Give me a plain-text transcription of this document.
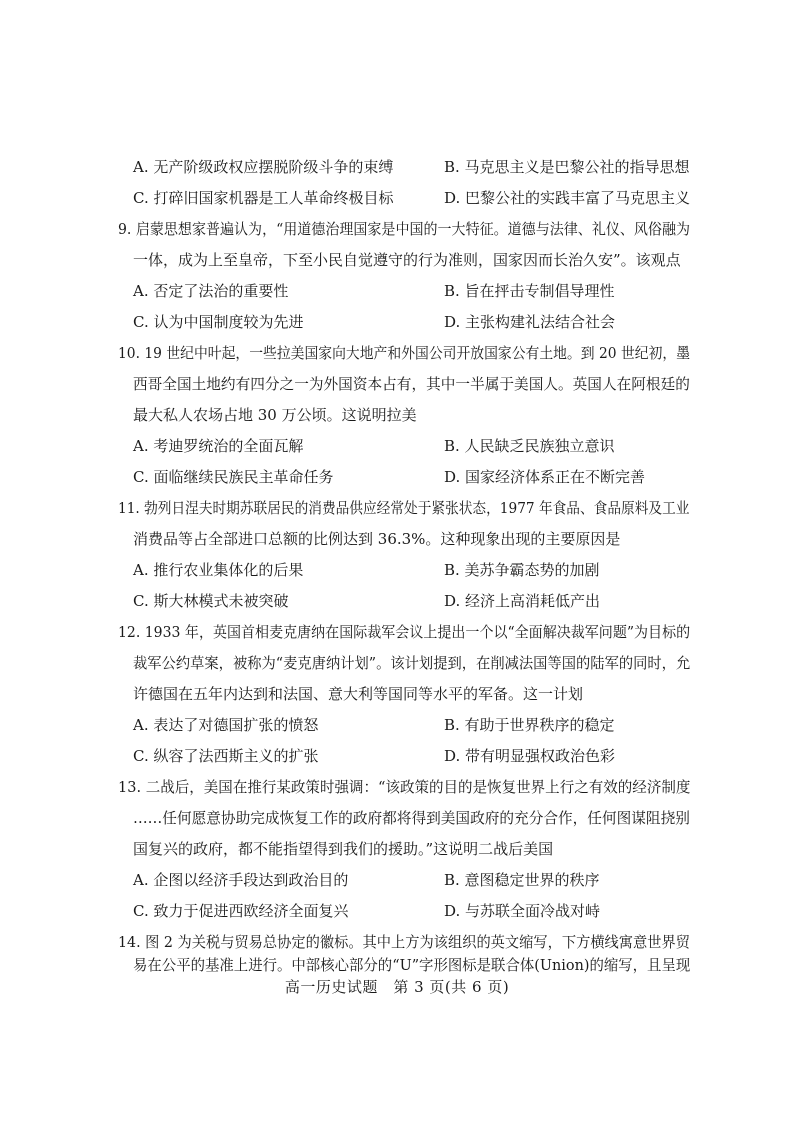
A. 无产阶级政权应摆脱阶级斗争的束缚	B. 马克思主义是巴黎公社的指导思想
C. 打碎旧国家机器是工人革命终极目标	D. 巴黎公社的实践丰富了马克思主义
9. 启蒙思想家普遍认为，“用道德治理国家是中国的一大特征。道德与法律、礼仪、风俗融为
一体，成为上至皇帝，下至小民自觉遵守的行为准则，国家因而长治久安”。该观点
A. 否定了法治的重要性	B. 旨在抨击专制倡导理性
C. 认为中国制度较为先进	D. 主张构建礼法结合社会
10. 19 世纪中叶起，一些拉美国家向大地产和外国公司开放国家公有土地。到 20 世纪初，墨
西哥全国土地约有四分之一为外国资本占有，其中一半属于美国人。英国人在阿根廷的
最大私人农场占地 30 万公顷。这说明拉美
A. 考迪罗统治的全面瓦解	B. 人民缺乏民族独立意识
C. 面临继续民族民主革命任务	D. 国家经济体系正在不断完善
11. 勃列日涅夫时期苏联居民的消费品供应经常处于紧张状态，1977 年食品、食品原料及工业
消费品等占全部进口总额的比例达到 36.3%。这种现象出现的主要原因是
A. 推行农业集体化的后果	B. 美苏争霸态势的加剧
C. 斯大林模式未被突破	D. 经济上高消耗低产出
12. 1933 年，英国首相麦克唐纳在国际裁军会议上提出一个以“全面解决裁军问题”为目标的
裁军公约草案，被称为“麦克唐纳计划”。该计划提到，在削减法国等国的陆军的同时，允
许德国在五年内达到和法国、意大利等国同等水平的军备。这一计划
A. 表达了对德国扩张的愤怒	B. 有助于世界秩序的稳定
C. 纵容了法西斯主义的扩张	D. 带有明显强权政治色彩
13. 二战后，美国在推行某政策时强调：“该政策的目的是恢复世界上行之有效的经济制度
……任何愿意协助完成恢复工作的政府都将得到美国政府的充分合作，任何图谋阻挠别
国复兴的政府，都不能指望得到我们的援助。”这说明二战后美国
A. 企图以经济手段达到政治目的	B. 意图稳定世界的秩序
C. 致力于促进西欧经济全面复兴	D. 与苏联全面冷战对峙
14. 图 2 为关税与贸易总协定的徽标。其中上方为该组织的英文缩写，下方横线寓意世界贸
易在公平的基准上进行。中部核心部分的“U”字形图标是联合体(Union)的缩写，且呈现
高一历史试题　第 3 页(共 6 页)
